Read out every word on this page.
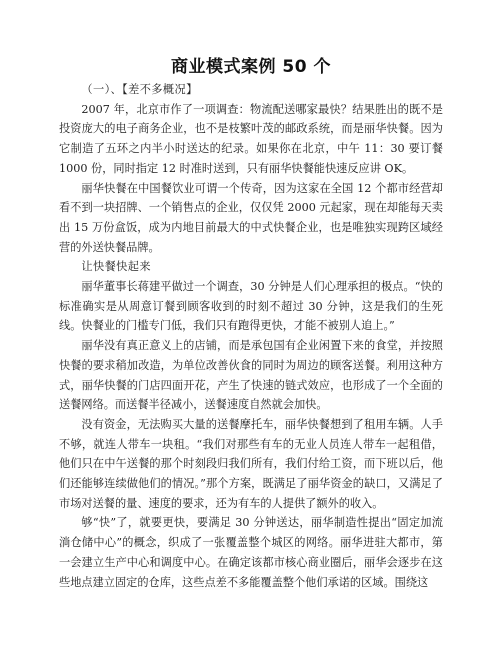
商业模式案例 50 个

（一）、【差不多概况】

2007 年，北京市作了一项调查：物流配送哪家最快？结果胜出的既不是投资庞大的电子商务企业，也不是枝繁叶茂的邮政系统，而是丽华快餐。因为它制造了五环之内半小时送达的纪录。如果你在北京，中午 11：30 要订餐 1000 份，同时指定 12 时准时送到，只有丽华快餐能快速反应讲 OK。

丽华快餐在中国餐饮业可谓一个传奇，因为这家在全国 12 个都市经营却看不到一块招牌、一个销售点的企业，仅仅凭 2000 元起家，现在却能每天卖出 15 万份盒饭，成为内地目前最大的中式快餐企业，也是唯独实现跨区域经营的外送快餐品牌。

让快餐快起来

丽华董事长蒋建平做过一个调查，30 分钟是人们心理承担的极点。“快的标准确实是从周意订餐到顾客收到的时刻不超过 30 分钟，这是我们的生死线。快餐业的门槛专门低，我们只有跑得更快，才能不被别人追上。”

丽华没有真正意义上的店铺，而是承包国有企业闲置下来的食堂，并按照快餐的要求稍加改造，为单位改善伙食的同时为周边的顾客送餐。利用这种方式，丽华快餐的门店四面开花，产生了快速的链式效应，也形成了一个全面的送餐网络。而送餐半径减小，送餐速度自然就会加快。

没有资金，无法购买大量的送餐摩托车，丽华快餐想到了租用车辆。人手不够，就连人带车一块租。“我们对那些有车的无业人员连人带车一起租借，他们只在中午送餐的那个时刻段归我们所有，我们付给工资，而下班以后，他们还能够连续做他们的情况。”那个方案，既满足了丽华资金的缺口，又满足了市场对送餐的量、速度的要求，还为有车的人提供了额外的收入。

够“快”了，就要更快，要满足 30 分钟送达，丽华制造性提出“固定加流淌仓储中心”的概念，织成了一张覆盖整个城区的网络。丽华进驻大都市，第一会建立生产中心和调度中心。在确定该都市核心商业圈后，丽华会逐步在这些地点建立固定的仓库，这些点差不多能覆盖整个他们承诺的区域。围绕这
